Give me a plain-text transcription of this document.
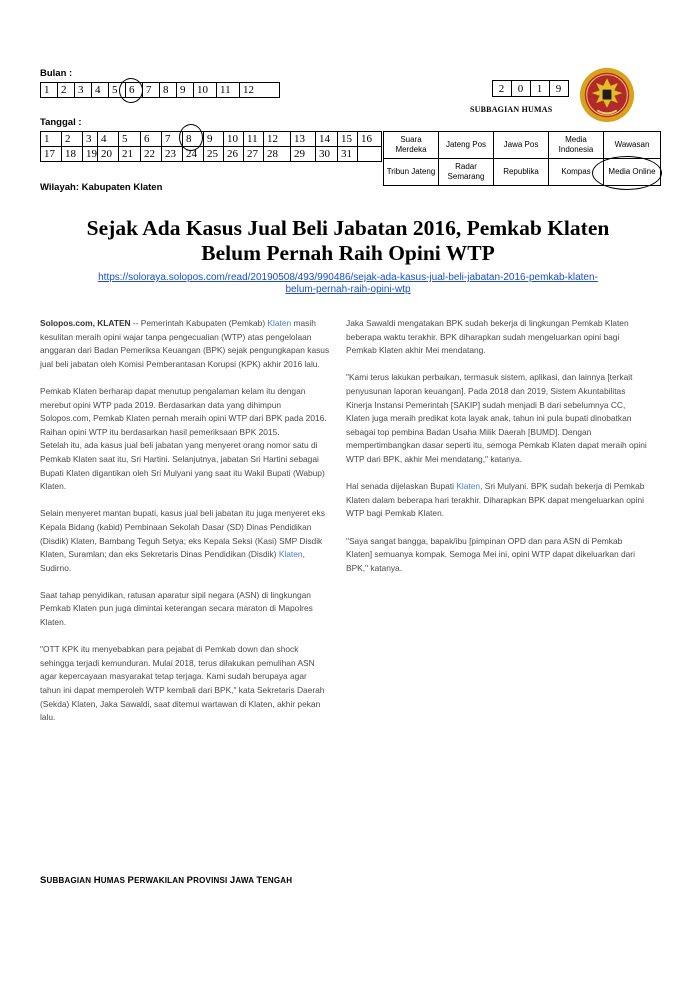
Bulan :
1	2	3	4	5	6	7	8	9	10	11	12
Tanggal :
1	2	3	4	5	6	7	8	9	10	11	12	13	14	15	16
17	18	19	20	21	22	23	24	25	26	27	28	29	30	31	
Wilayah: Kabupaten Klaten
2	0	1	9
SUBBAGIAN HUMAS
Suara Merdeka	Jateng Pos	Jawa Pos	Media Indonesia	Wawasan
Tribun Jateng	Radar Semarang	Republika	Kompas	Media Online
Sejak Ada Kasus Jual Beli Jabatan 2016, Pemkab Klaten
Belum Pernah Raih Opini WTP
https://soloraya.solopos.com/read/20190508/493/990486/sejak-ada-kasus-jual-beli-jabatan-2016-pemkab-klaten-
belum-pernah-raih-opini-wtp

Solopos.com, KLATEN -- Pemerintah Kabupaten (Pemkab) Klaten masih kesulitan meraih opini wajar tanpa pengecualian (WTP) atas pengelolaan anggaran dari Badan Pemeriksa Keuangan (BPK) sejak pengungkapan kasus jual beli jabatan oleh Komisi Pemberantasan Korupsi (KPK) akhir 2016 lalu.

Pemkab Klaten berharap dapat menutup pengalaman kelam itu dengan merebut opini WTP pada 2019. Berdasarkan data yang dihimpun Solopos.com, Pemkab Klaten pernah meraih opini WTP dari BPK pada 2016. Raihan opini WTP itu berdasarkan hasil pemeriksaan BPK 2015.

Setelah itu, ada kasus jual beli jabatan yang menyeret orang nomor satu di Pemkab Klaten saat itu, Sri Hartini. Selanjutnya, jabatan Sri Hartini sebagai Bupati Klaten digantikan oleh Sri Mulyani yang saat itu Wakil Bupati (Wabup) Klaten.

Selain menyeret mantan bupati, kasus jual beli jabatan itu juga menyeret eks Kepala Bidang (kabid) Pembinaan Sekolah Dasar (SD) Dinas Pendidikan (Disdik) Klaten, Bambang Teguh Setya; eks Kepala Seksi (Kasi) SMP Disdik Klaten, Suramlan; dan eks Sekretaris Dinas Pendidikan (Disdik) Klaten, Sudirno.

Saat tahap penyidikan, ratusan aparatur sipil negara (ASN) di lingkungan Pemkab Klaten pun juga dimintai keterangan secara maraton di Mapolres Klaten.

"OTT KPK itu menyebabkan para pejabat di Pemkab down dan shock sehingga terjadi kemunduran. Mulai 2018, terus dilakukan pemulihan ASN agar kepercayaan masyarakat tetap terjaga. Kami sudah berupaya agar tahun ini dapat memperoleh WTP kembali dari BPK," kata Sekretaris Daerah (Sekda) Klaten, Jaka Sawaldi, saat ditemui wartawan di Klaten, akhir pekan lalu.

Jaka Sawaldi mengatakan BPK sudah bekerja di lingkungan Pemkab Klaten beberapa waktu terakhir. BPK diharapkan sudah mengeluarkan opini bagi Pemkab Klaten akhir Mei mendatang.

"Kami terus lakukan perbaikan, termasuk sistem, aplikasi, dan lainnya [terkait penyusunan laporan keuangan]. Pada 2018 dan 2019, Sistem Akuntabilitas Kinerja Instansi Pemerintah [SAKIP] sudah menjadi B dari sebelumnya CC, Klaten juga meraih predikat kota layak anak, tahun ini pula bupati dinobatkan sebagai top pembina Badan Usaha Milik Daerah [BUMD]. Dengan mempertimbangkan dasar seperti itu, semoga Pemkab Klaten dapat meraih opini WTP dari BPK, akhir Mei mendatang," katanya.

Hal senada dijelaskan Bupati Klaten, Sri Mulyani. BPK sudah bekerja di Pemkab Klaten dalam beberapa hari terakhir. Diharapkan BPK dapat mengeluarkan opini WTP bagi Pemkab Klaten.

"Saya sangat bangga, bapak/ibu [pimpinan OPD dan para ASN di Pemkab Klaten] semuanya kompak. Semoga Mei ini, opini WTP dapat dikeluarkan dari BPK," katanya.

SUBBAGIAN HUMAS PERWAKILAN PROVINSI JAWA TENGAH
